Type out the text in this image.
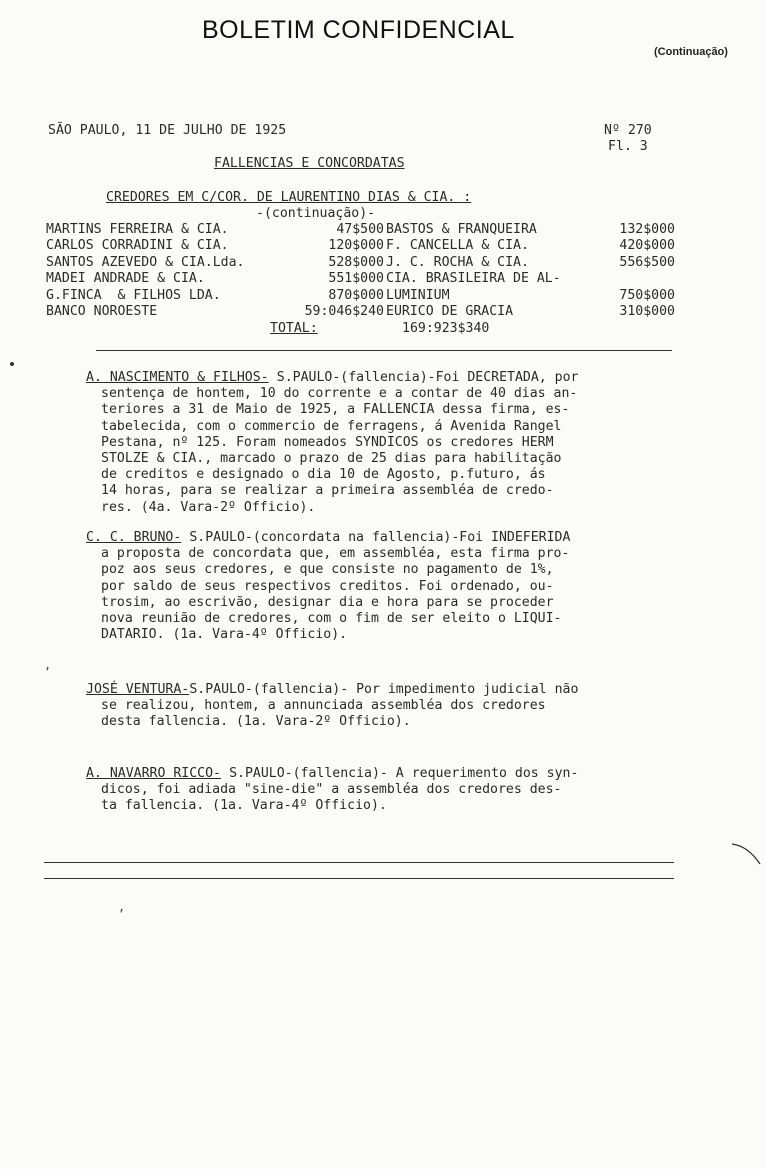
BOLETIM CONFIDENCIAL
(Continuação)
SÃO PAULO, 11 DE JULHO DE 1925	Nº 270
Fl. 3
FALLENCIAS E CONCORDATAS
CREDORES EM C/COR. DE LAURENTINO DIAS & CIA. :
-(continuação)-
MARTINS FERREIRA & CIA.	47$500 BASTOS & FRANQUEIRA	132$000
CARLOS CORRADINI & CIA.	120$000 F. CANCELLA & CIA.	420$000
SANTOS AZEVEDO & CIA.Lda.	528$000 J. C. ROCHA & CIA.	556$500
MADEI ANDRADE & CIA.	551$000 CIA. BRASILEIRA DE AL-
G.FINCA  & FILHOS LDA.	870$000 LUMINIUM	750$000
BANCO NOROESTE	59:046$240 EURICO DE GRACIA	310$000
TOTAL:	169:923$340
A. NASCIMENTO & FILHOS- S.PAULO-(fallencia)-Foi DECRETADA, por
sentença de hontem, 10 do corrente e a contar de 40 dias an-
teriores a 31 de Maio de 1925, a FALLENCIA dessa firma, es-
tabelecida, com o commercio de ferragens, á Avenida Rangel
Pestana, nº 125. Foram nomeados SYNDICOS os credores HERM
STOLZE & CIA., marcado o prazo de 25 dias para habilitação
de creditos e designado o dia 10 de Agosto, p.futuro, ás
14 horas, para se realizar a primeira assembléa de credo-
res. (4a. Vara-2º Officio).
C. C. BRUNO- S.PAULO-(concordata na fallencia)-Foi INDEFERIDA
a proposta de concordata que, em assembléa, esta firma pro-
poz aos seus credores, e que consiste no pagamento de 1%,
por saldo de seus respectivos creditos. Foi ordenado, ou-
trosim, ao escrivão, designar dia e hora para se proceder
nova reunião de credores, com o fim de ser eleito o LIQUI-
DATARIO. (1a. Vara-4º Officio).
JOSÉ VENTURA- S.PAULO-(fallencia)- Por impedimento judicial não
se realizou, hontem, a annunciada assembléa dos credores
desta fallencia. (1a. Vara-2º Officio).
A. NAVARRO RICCO- S.PAULO-(fallencia)- A requerimento dos syn-
dicos, foi adiada "sine-die" a assembléa dos credores des-
ta fallencia. (1a. Vara-4º Officio).
,
,
